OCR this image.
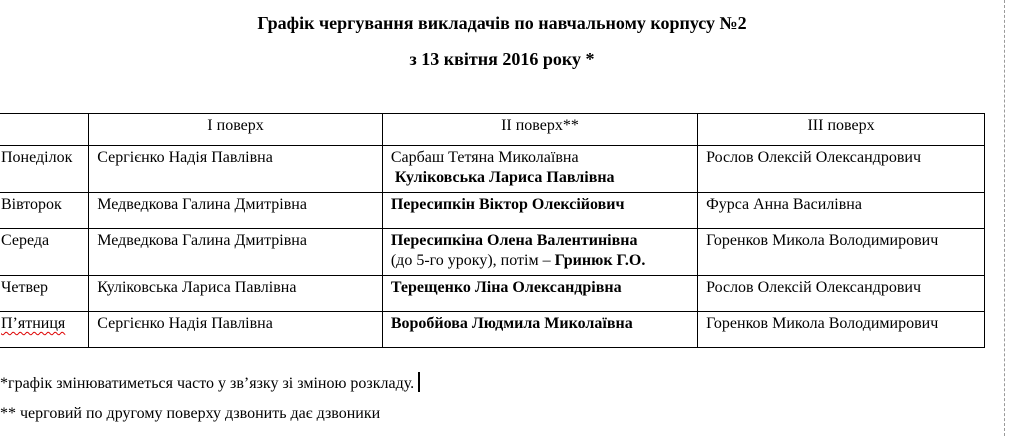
Графік чергування викладачів по навчальному корпусу №2
з 13 квітня 2016 року *
	І поверх	ІІ поверх**	ІІІ поверх
Понеділок	Сергієнко Надія Павлівна	Сарбаш Тетяна Миколаївна
Куліковська Лариса Павлівна	Рослов Олексій Олександрович
Вівторок	Медведкова Галина Дмитрівна	Пересипкін Віктор Олексійович	Фурса Анна Василівна
Середа	Медведкова Галина Дмитрівна	Пересипкіна Олена Валентинівна
(до 5-го уроку), потім – Гринюк Г.О.	Горенков Микола Володимирович
Четвер	Куліковська Лариса Павлівна	Терещенко Ліна Олександрівна	Рослов Олексій Олександрович
П’ятниця	Сергієнко Надія Павлівна	Воробйова Людмила Миколаївна	Горенков Микола Володимирович
*графік змінюватиметься часто у зв’язку зі зміною розкладу.
** черговий по другому поверху дзвонить дає дзвоники
